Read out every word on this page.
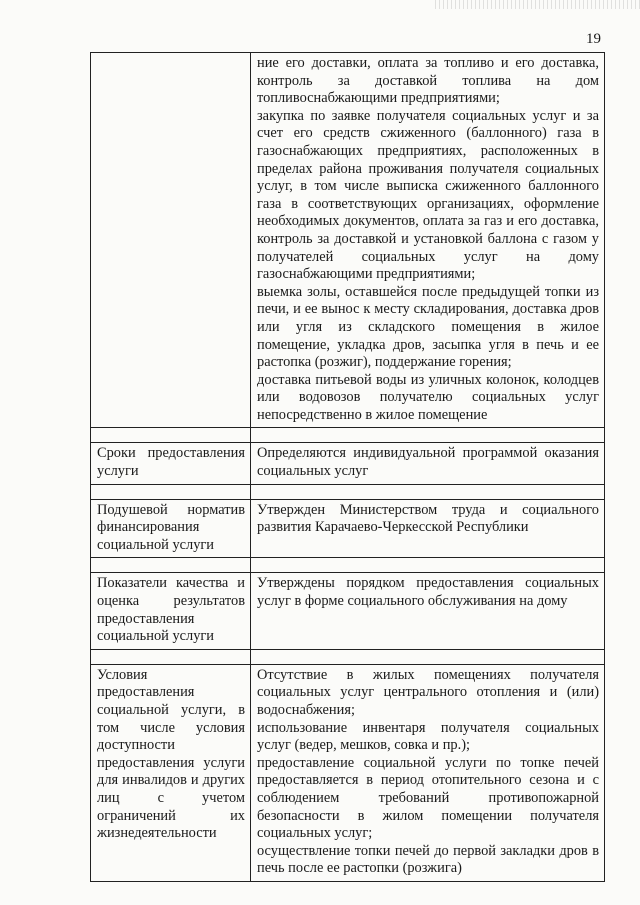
19

	ние его доставки, оплата за топливо и его доставка, контроль за доставкой топлива на дом топливоснабжающими предприятиями;
закупка по заявке получателя социальных услуг и за счет его средств сжиженного (баллонного) газа в газоснабжающих предприятиях, расположенных в пределах района проживания получателя социальных услуг, в том числе выписка сжиженного баллонного газа в соответствующих организациях, оформление необходимых документов, оплата за газ и его доставка, контроль за доставкой и установкой баллона с газом у получателей социальных услуг на дому газоснабжающими предприятиями;
выемка золы, оставшейся после предыдущей топки из печи, и ее вынос к месту складирования, доставка дров или угля из складского помещения в жилое помещение, укладка дров, засыпка угля в печь и ее растопка (розжиг), поддержание горения;
доставка питьевой воды из уличных колонок, колодцев или водовозов получателю социальных услуг непосредственно в жилое помещение

Сроки предоставления услуги	Определяются индивидуальной программой оказания социальных услуг

Подушевой норматив финансирования социальной услуги	Утвержден Министерством труда и социального развития Карачаево-Черкесской Республики

Показатели качества и оценка результатов предоставления социальной услуги	Утверждены порядком предоставления социальных услуг в форме социального обслуживания на дому

Условия предоставления социальной услуги, в том числе условия доступности предоставления услуги для инвалидов и других лиц с учетом ограничений их жизнедеятельности	Отсутствие в жилых помещениях получателя социальных услуг центрального отопления и (или) водоснабжения;
использование инвентаря получателя социальных услуг (ведер, мешков, совка и пр.);
предоставление социальной услуги по топке печей предоставляется в период отопительного сезона и с соблюдением требований противопожарной безопасности в жилом помещении получателя социальных услуг;
осуществление топки печей до первой закладки дров в печь после ее растопки (розжига)
